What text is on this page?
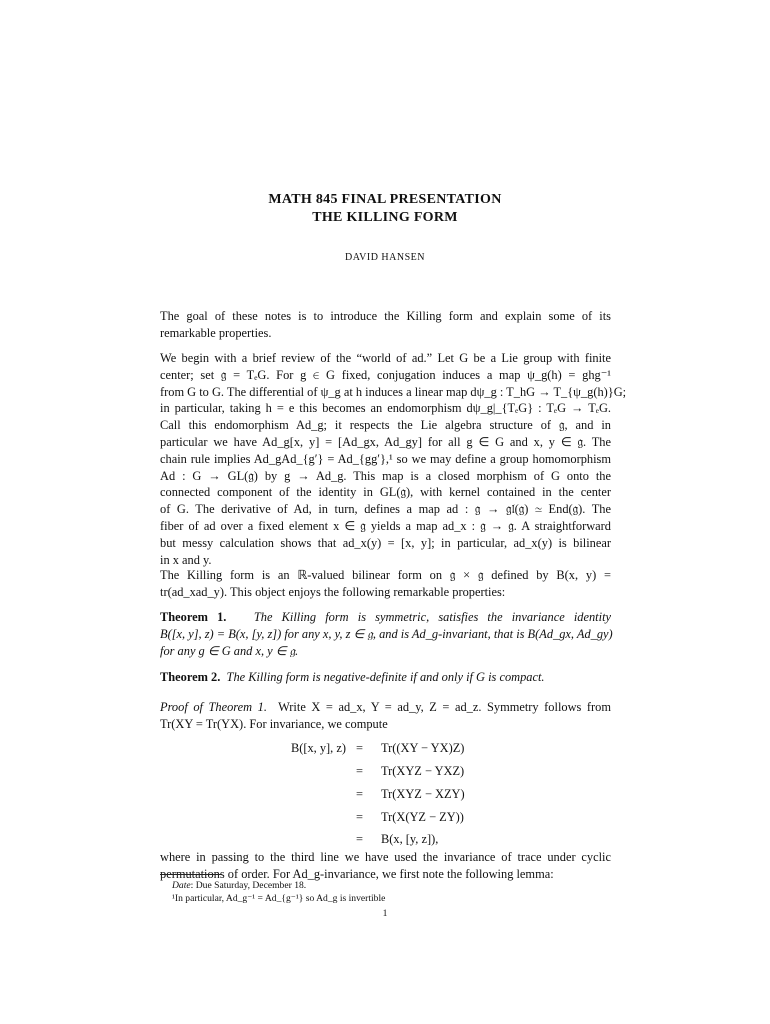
MATH 845 FINAL PRESENTATION
THE KILLING FORM
DAVID HANSEN
The goal of these notes is to introduce the Killing form and explain some of its
remarkable properties.
We begin with a brief review of the “world of ad.” Let G be a Lie group with finite
center; set 𝔤 = TₑG. For g ∈ G fixed, conjugation induces a map ψ_g(h) = ghg⁻¹
from G to G. The differential of ψ_g at h induces a linear map dψ_g : T_hG → T_{ψ_g(h)}G;
in particular, taking h = e this becomes an endomorphism dψ_g|_{TₑG} : TₑG → TₑG.
Call this endomorphism Ad_g; it respects the Lie algebra structure of 𝔤, and in
particular we have Ad_g[x, y] = [Ad_gx, Ad_gy] for all g ∈ G and x, y ∈ 𝔤. The
chain rule implies Ad_gAd_{g′} = Ad_{gg′},¹ so we may define a group homomorphism
Ad : G → GL(𝔤) by g → Ad_g. This map is a closed morphism of G onto the
connected component of the identity in GL(𝔤), with kernel contained in the center
of G. The derivative of Ad, in turn, defines a map ad : 𝔤 → 𝔤𝔩(𝔤) ≃ End(𝔤). The
fiber of ad over a fixed element x ∈ 𝔤 yields a map ad_x : 𝔤 → 𝔤. A straightforward
but messy calculation shows that ad_x(y) = [x, y]; in particular, ad_x(y) is bilinear
in x and y.
The Killing form is an ℝ-valued bilinear form on 𝔤 × 𝔤 defined by B(x, y) =
tr(ad_xad_y). This object enjoys the following remarkable properties:
Theorem 1. The Killing form is symmetric, satisfies the invariance identity
B([x, y], z) = B(x, [y, z]) for any x, y, z ∈ 𝔤, and is Ad_g-invariant, that is B(Ad_gx, Ad_gy)
for any g ∈ G and x, y ∈ 𝔤.
Theorem 2. The Killing form is negative-definite if and only if G is compact.
Proof of Theorem 1. Write X = ad_x, Y = ad_y, Z = ad_z. Symmetry follows from
Tr(XY = Tr(YX). For invariance, we compute
B([x, y], z) = Tr((XY − YX)Z)
= Tr(XYZ − YXZ)
= Tr(XYZ − XZY)
= Tr(X(YZ − ZY))
= B(x, [y, z]),
where in passing to the third line we have used the invariance of trace under cyclic
permutations of order. For Ad_g-invariance, we first note the following lemma:
Date: Due Saturday, December 18.
¹In particular, Ad_g⁻¹ = Ad_{g⁻¹} so Ad_g is invertible
1
